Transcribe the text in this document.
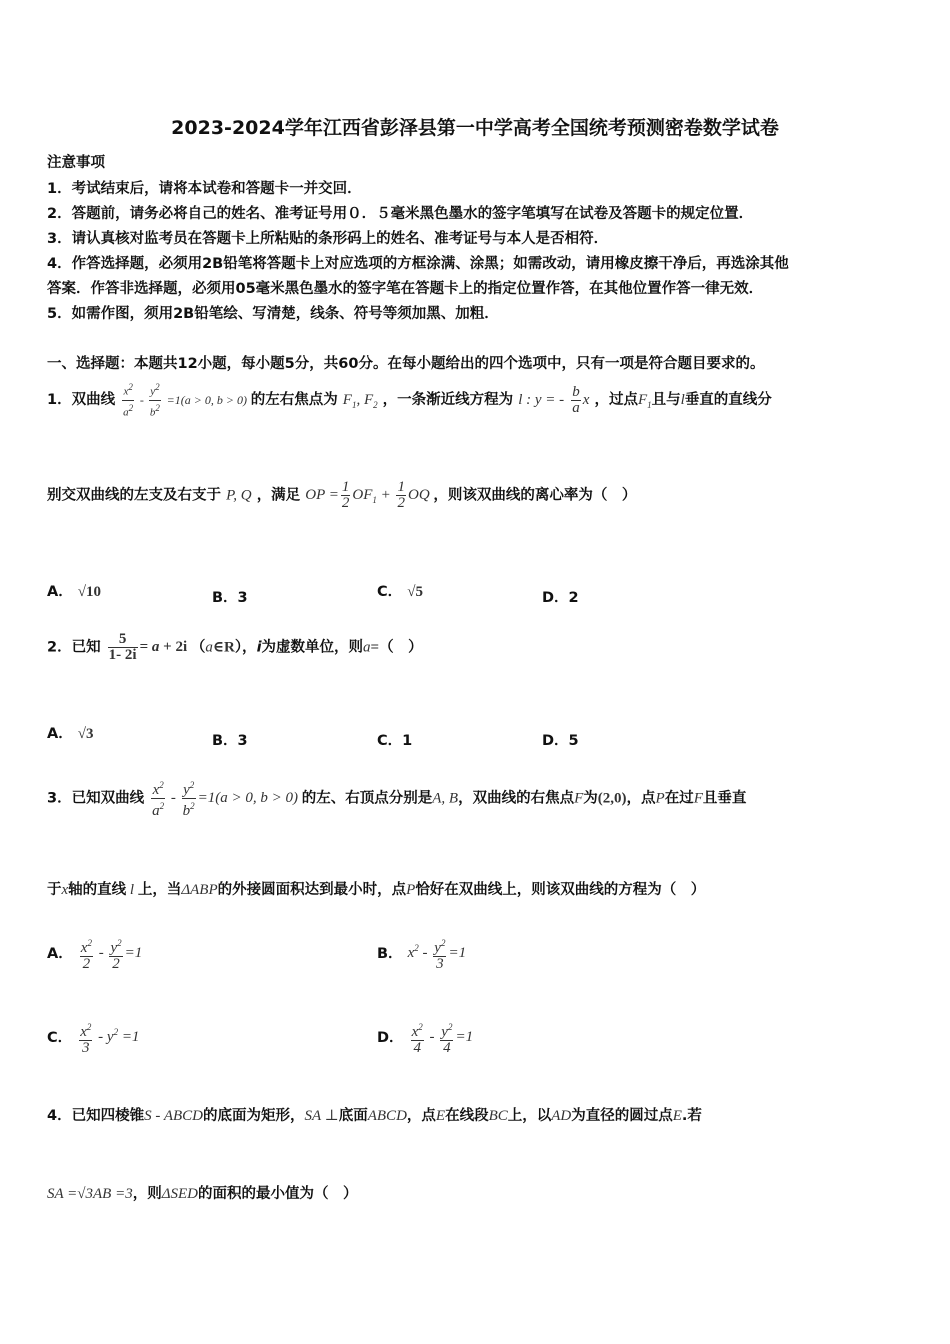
2023-2024学年江西省彭泽县第一中学高考全国统考预测密卷数学试卷
注意事项
1．考试结束后，请将本试卷和答题卡一并交回．
2．答题前，请务必将自己的姓名、准考证号用０．５毫米黑色墨水的签字笔填写在试卷及答题卡的规定位置．
3．请认真核对监考员在答题卡上所粘贴的条形码上的姓名、准考证号与本人是否相符．
4．作答选择题，必须用2B铅笔将答题卡上对应选项的方框涂满、涂黑；如需改动，请用橡皮擦干净后，再选涂其他
答案．作答非选择题，必须用05毫米黑色墨水的签字笔在答题卡上的指定位置作答，在其他位置作答一律无效．
5．如需作图，须用2B铅笔绘、写清楚，线条、符号等须加黑、加粗．
一、选择题：本题共12小题，每小题5分，共60分。在每小题给出的四个选项中，只有一项是符合题目要求的。
1．双曲线 $\frac{x^2}{a^2} - \frac{y^2}{b^2} =1(a > 0$, b > 0) 的左右焦点为 $F_1$, $F_2$ ，一条渐近线方程为 l : y = - $\frac{b}{a}$ x ，过点$F_1$且与l垂直的直线分
别交双曲线的左支及右支于 P, Q ，满足 OP = $\frac{1}{2} OF_1 + \frac{1}{2}$ OQ ，则该双曲线的离心率为（　）
A． √10	B．3	C． √5	D．2
2．已知 $\frac{5}{1- 2i} = a + 2i$ （a∈R），i为虚数单位，则a=（　）
A． √3	B．3	C．1	D．5
3．已知双曲线 $\frac{x^2}{a^2} - \frac{y^2}{b^2} =1(a > 0$, b > 0) 的左、右顶点分别是A, B，双曲线的右焦点F为(2,0)，点P在过F且垂直
于x轴的直线 l 上，当ΔABP的外接圆面积达到最小时，点P恰好在双曲线上，则该双曲线的方程为（　）
A． $\frac{x^2}{2} - \frac{y^2}{2} =1$	B． $x^2 - \frac{y^2}{3} =1$
C． $\frac{x^2}{3} - y^2 =1$	D． $\frac{x^2}{4} - \frac{y^2}{4} =1$
4．已知四棱锥S - ABCD的底面为矩形，SA ⊥底面ABCD，点E在线段BC上，以AD为直径的圆过点E.若
SA =√3AB =3，则ΔSED的面积的最小值为（　）
